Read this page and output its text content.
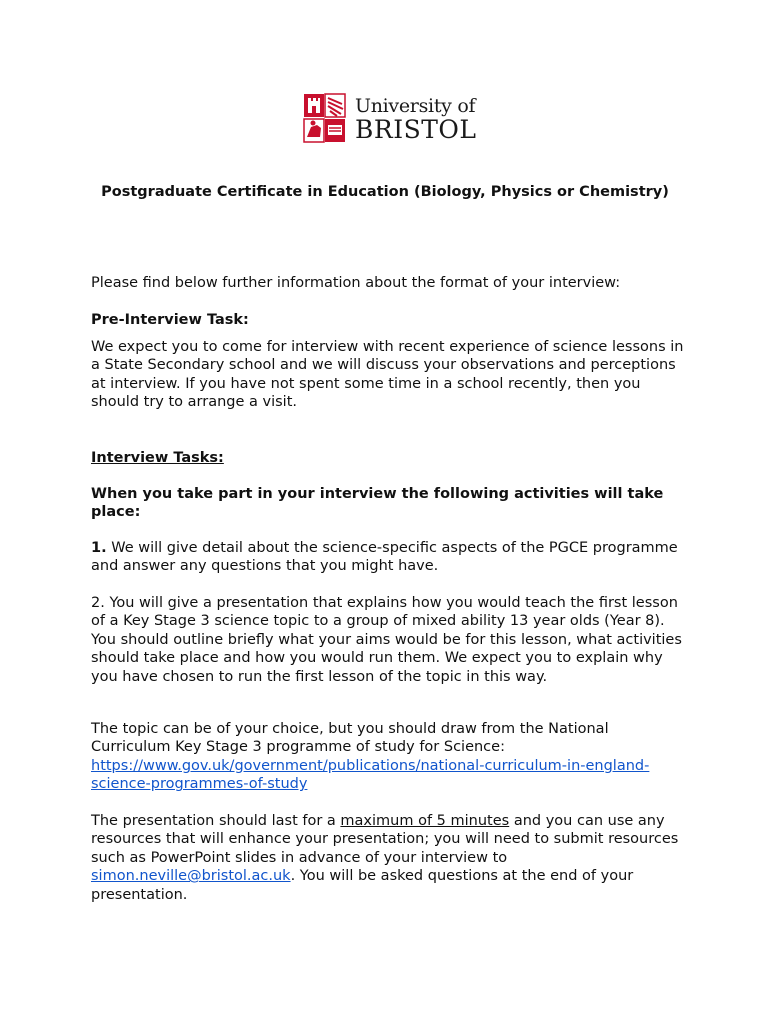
University of
BRISTOL
Postgraduate Certificate in Education (Biology, Physics or Chemistry)
Please find below further information about the format of your interview:
Pre-Interview Task:
We expect you to come for interview with recent experience of science lessons in a State Secondary school and we will discuss your observations and perceptions at interview. If you have not spent some time in a school recently, then you should try to arrange a visit.
Interview Tasks:
When you take part in your interview the following activities will take place:
1. We will give detail about the science-specific aspects of the PGCE programme and answer any questions that you might have.
2. You will give a presentation that explains how you would teach the first lesson of a Key Stage 3 science topic to a group of mixed ability 13 year olds (Year 8). You should outline briefly what your aims would be for this lesson, what activities should take place and how you would run them. We expect you to explain why you have chosen to run the first lesson of the topic in this way.
The topic can be of your choice, but you should draw from the National Curriculum Key Stage 3 programme of study for Science: https://www.gov.uk/government/publications/national-curriculum-in-england-science-programmes-of-study
The presentation should last for a maximum of 5 minutes and you can use any resources that will enhance your presentation; you will need to submit resources such as PowerPoint slides in advance of your interview to simon.neville@bristol.ac.uk. You will be asked questions at the end of your presentation.
